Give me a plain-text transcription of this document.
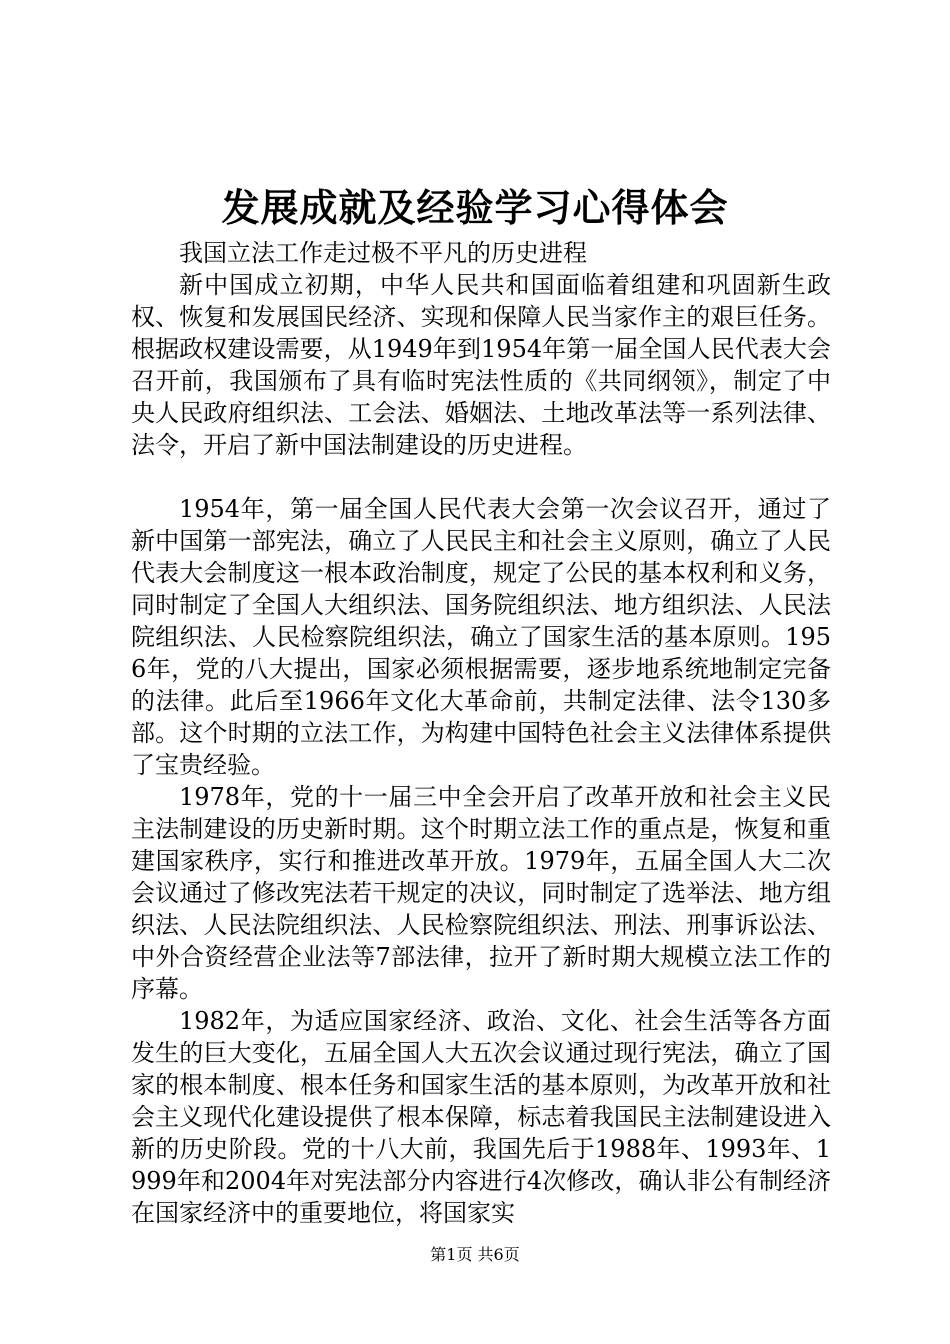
发展成就及经验学习心得体会

我国立法工作走过极不平凡的历史进程

新中国成立初期，中华人民共和国面临着组建和巩固新生政权、恢复和发展国民经济、实现和保障人民当家作主的艰巨任务。根据政权建设需要，从1949年到1954年第一届全国人民代表大会召开前，我国颁布了具有临时宪法性质的《共同纲领》，制定了中央人民政府组织法、工会法、婚姻法、土地改革法等一系列法律、法令，开启了新中国法制建设的历史进程。

1954年，第一届全国人民代表大会第一次会议召开，通过了新中国第一部宪法，确立了人民民主和社会主义原则，确立了人民代表大会制度这一根本政治制度，规定了公民的基本权利和义务，同时制定了全国人大组织法、国务院组织法、地方组织法、人民法院组织法、人民检察院组织法，确立了国家生活的基本原则。1956年，党的八大提出，国家必须根据需要，逐步地系统地制定完备的法律。此后至1966年文化大革命前，共制定法律、法令130多部。这个时期的立法工作，为构建中国特色社会主义法律体系提供了宝贵经验。

1978年，党的十一届三中全会开启了改革开放和社会主义民主法制建设的历史新时期。这个时期立法工作的重点是，恢复和重建国家秩序，实行和推进改革开放。1979年，五届全国人大二次会议通过了修改宪法若干规定的决议，同时制定了选举法、地方组织法、人民法院组织法、人民检察院组织法、刑法、刑事诉讼法、中外合资经营企业法等7部法律，拉开了新时期大规模立法工作的序幕。

1982年，为适应国家经济、政治、文化、社会生活等各方面发生的巨大变化，五届全国人大五次会议通过现行宪法，确立了国家的根本制度、根本任务和国家生活的基本原则，为改革开放和社会主义现代化建设提供了根本保障，标志着我国民主法制建设进入新的历史阶段。党的十八大前，我国先后于1988年、1993年、1999年和2004年对宪法部分内容进行4次修改，确认非公有制经济在国家经济中的重要地位，将国家实

第1页 共6页
